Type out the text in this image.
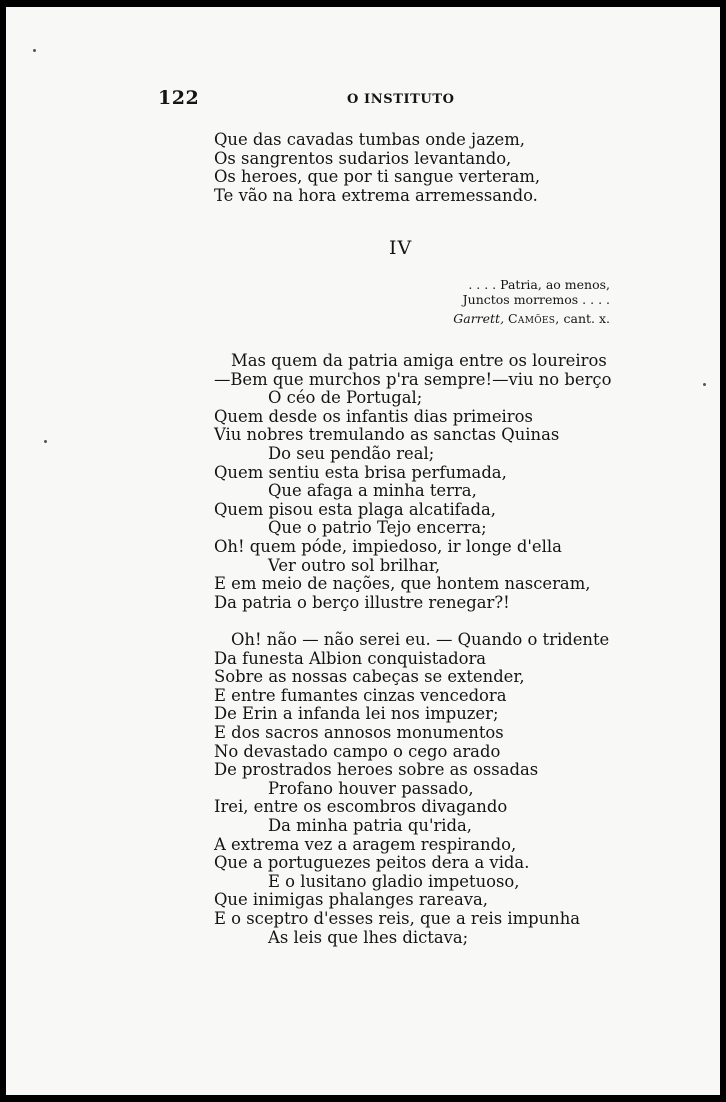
122	O INSTITUTO
Que das cavadas tumbas onde jazem,
Os sangrentos sudarios levantando,
Os heroes, que por ti sangue verteram,
Te vão na hora extrema arremessando.
IV
. . . . Patria, ao menos,
Junctos morremos . . . .
Garrett, Camões, cant. x.
Mas quem da patria amiga entre os loureiros
—Bem que murchos p'ra sempre!—viu no berço
O céo de Portugal;
Quem desde os infantis dias primeiros
Viu nobres tremulando as sanctas Quinas
Do seu pendão real;
Quem sentiu esta brisa perfumada,
Que afaga a minha terra,
Quem pisou esta plaga alcatifada,
Que o patrio Tejo encerra;
Oh! quem póde, impiedoso, ir longe d'ella
Ver outro sol brilhar,
E em meio de nações, que hontem nasceram,
Da patria o berço illustre renegar?!
Oh! não — não serei eu. — Quando o tridente
Da funesta Albion conquistadora
Sobre as nossas cabeças se extender,
E entre fumantes cinzas vencedora
De Erin a infanda lei nos impuzer;
E dos sacros annosos monumentos
No devastado campo o cego arado
De prostrados heroes sobre as ossadas
Profano houver passado,
Irei, entre os escombros divagando
Da minha patria qu'rida,
A extrema vez a aragem respirando,
Que a portuguezes peitos dera a vida.
E o lusitano gladio impetuoso,
Que inimigas phalanges rareava,
E o sceptro d'esses reis, que a reis impunha
As leis que lhes dictava;
